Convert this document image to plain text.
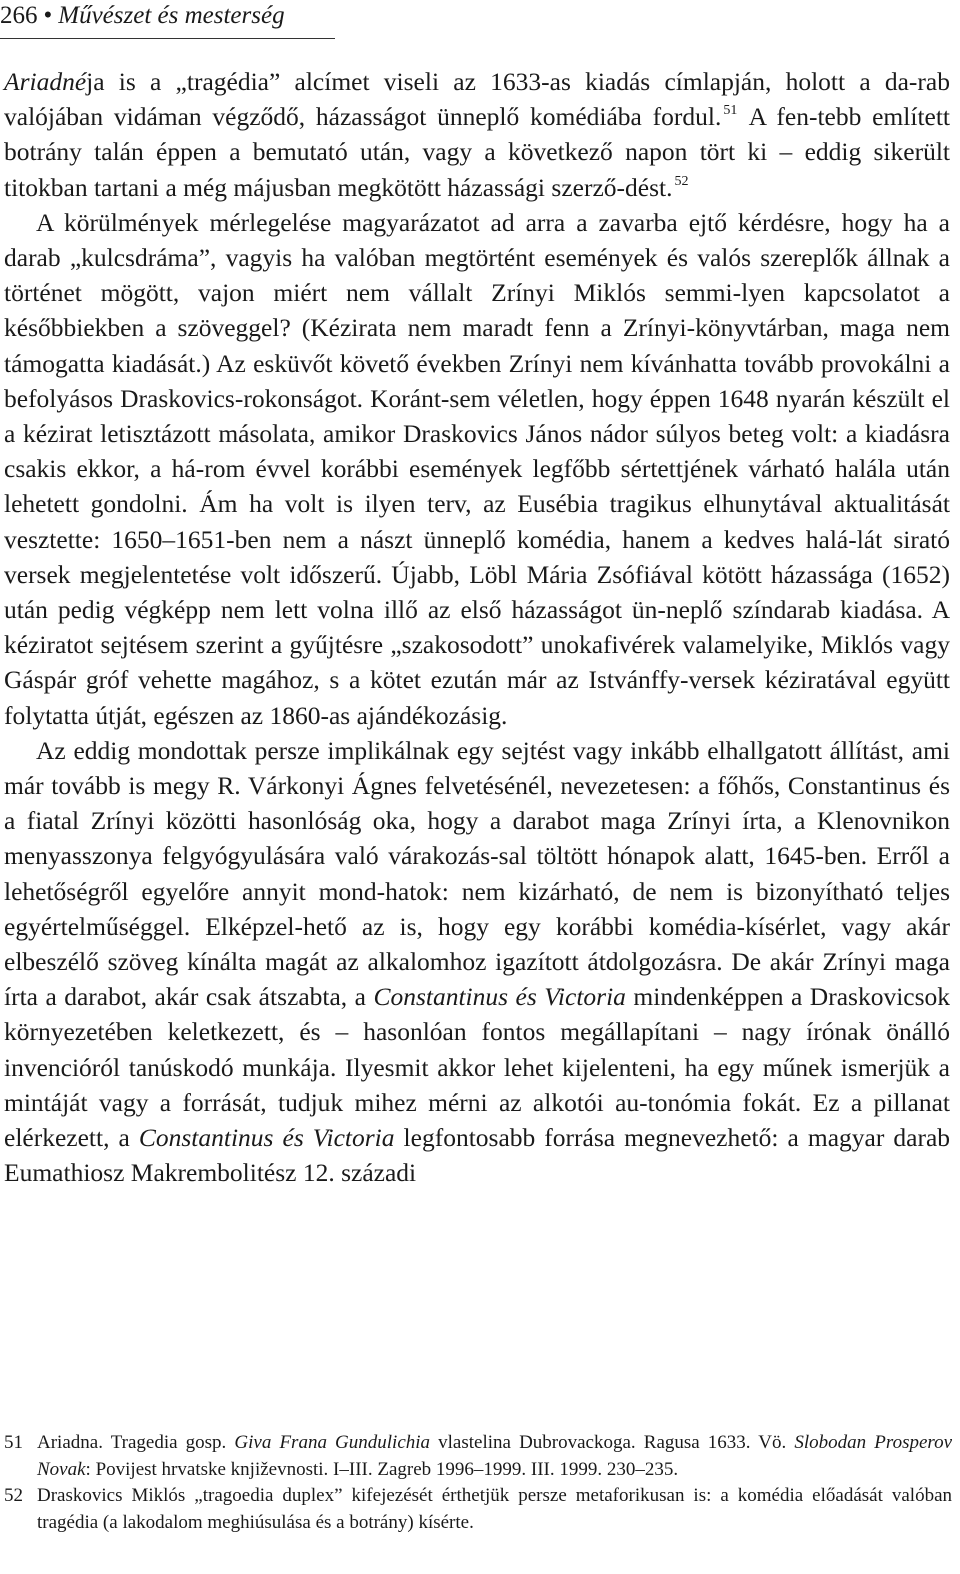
266 • Művészet és mesterség

Ariadnéja is a „tragédia” alcímet viseli az 1633-as kiadás címlapján, holott a da-rab valójában vidáman végződő, házasságot ünneplő komédiába fordul. $^{51}$ A fen-tebb említett botrány talán éppen a bemutató után, vagy a következő napon tört ki – eddig sikerült titokban tartani a még májusban megkötött házassági szerző-dést. $^{52}$

A körülmények mérlegelése magyarázatot ad arra a zavarba ejtő kérdésre, hogy ha a darab „kulcsdráma”, vagyis ha valóban megtörtént események és valós szereplők állnak a történet mögött, vajon miért nem vállalt Zrínyi Miklós semmi-lyen kapcsolatot a későbbiekben a szöveggel? (Kézirata nem maradt fenn a Zrínyi-könyvtárban, maga nem támogatta kiadását.) Az esküvőt követő években Zrínyi nem kívánhatta tovább provokálni a befolyásos Draskovics-rokonságot. Koránt-sem véletlen, hogy éppen 1648 nyarán készült el a kézirat letisztázott másolata, amikor Draskovics János nádor súlyos beteg volt: a kiadásra csakis ekkor, a há-rom évvel korábbi események legfőbb sértettjének várható halála után lehetett gondolni. Ám ha volt is ilyen terv, az Eusébia tragikus elhunytával aktualitását vesztette: 1650–1651-ben nem a nászt ünneplő komédia, hanem a kedves halá-lát sirató versek megjelentetése volt időszerű. Újabb, Löbl Mária Zsófiával kötött házassága (1652) után pedig végképp nem lett volna illő az első házasságot ün-neplő színdarab kiadása. A kéziratot sejtésem szerint a gyűjtésre „szakosodott” unokafivérek valamelyike, Miklós vagy Gáspár gróf vehette magához, s a kötet ezután már az Istvánffy-versek kéziratával együtt folytatta útját, egészen az 1860-as ajándékozásig.

Az eddig mondottak persze implikálnak egy sejtést vagy inkább elhallgatott állítást, ami már tovább is megy R. Várkonyi Ágnes felvetésénél, nevezetesen: a főhős, Constantinus és a fiatal Zrínyi közötti hasonlóság oka, hogy a darabot maga Zrínyi írta, a Klenovnikon menyasszonya felgyógyulására való várakozás-sal töltött hónapok alatt, 1645-ben. Erről a lehetőségről egyelőre annyit mond-hatok: nem kizárható, de nem is bizonyítható teljes egyértelműséggel. Elképzel-hető az is, hogy egy korábbi komédia-kísérlet, vagy akár elbeszélő szöveg kínálta magát az alkalomhoz igazított átdolgozásra. De akár Zrínyi maga írta a darabot, akár csak átszabta, a Constantinus és Victoria mindenképpen a Draskovicsok környezetében keletkezett, és – hasonlóan fontos megállapítani – nagy írónak önálló invencióról tanúskodó munkája. Ilyesmit akkor lehet kijelenteni, ha egy műnek ismerjük a mintáját vagy a forrását, tudjuk mihez mérni az alkotói au-tonómia fokát. Ez a pillanat elérkezett, a Constantinus és Victoria legfontosabb forrása megnevezhető: a magyar darab Eumathiosz Makrembolitész 12. századi

51 Ariadna. Tragedia gosp. Giva Frana Gundulichia vlastelina Dubrovackoga. Ragusa 1633. Vö. Slobodan Prosperov Novak: Povijest hrvatske književnosti. I–III. Zagreb 1996–1999. III. 1999. 230–235.
52 Draskovics Miklós „tragoedia duplex” kifejezését érthetjük persze metaforikusan is: a komédia előadását valóban tragédia (a lakodalom meghiúsulása és a botrány) kísérte.
